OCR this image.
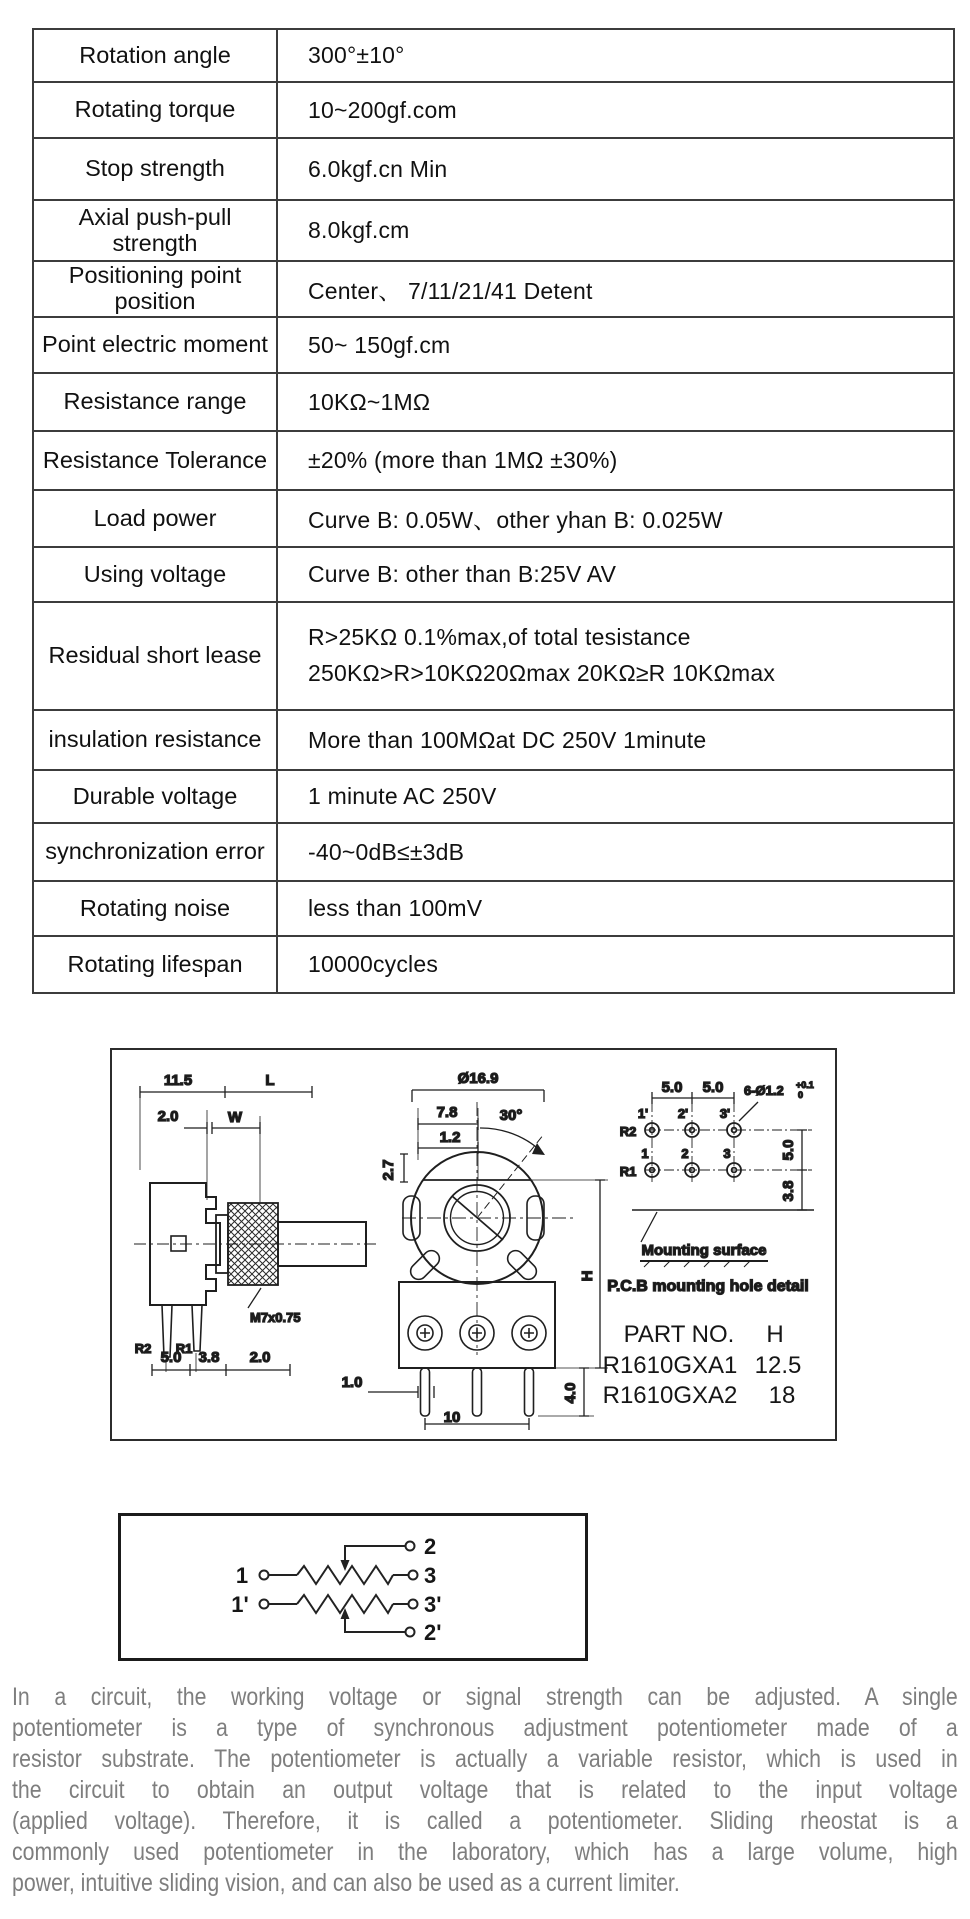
Rotation angle	300°±10°
Rotating torque	10~200gf.com
Stop strength	6.0kgf.cn Min
Axial push-pull strength	8.0kgf.cm
Positioning point position	Center、 7/11/21/41 Detent
Point electric moment	50~ 150gf.cm
Resistance range	10KΩ~1MΩ
Resistance Tolerance	±20% (more than 1MΩ ±30%)
Load power	Curve B: 0.05W、other yhan B: 0.025W
Using voltage	Curve B: other than B:25V AV
Residual short lease	R>25KΩ 0.1%max,of total tesistance
250KΩ>R>10KΩ20Ωmax 20KΩ≥R 10KΩmax

insulation resistance	More than 100MΩat DC 250V 1minute
Durable voltage	1 minute AC 250V
synchronization error	-40~0dB≤±3dB
Rotating noise	less than 100mV
Rotating lifespan	10000cycles
11.5	L
2.0	W
M7x0.75
R2 R1
5.0 3.8 2.0
Ø16.9
7.8	30°
1.2
2.7
H
4.0
1.0
10
5.0 5.0 6-Ø1.2 +0.1
0
R2
R1
1' 2' 3'
1	2	3	5.0
3.8
Mounting surface
P.C.B mounting hole detail
PART NO. H
R1610GXA1 12.5
R1610GXA2 18
1
1'
2
3
3'
2'
In a circuit, the working voltage or signal strength can be adjusted. A single
potentiometer is a type of synchronous adjustment potentiometer made of a
resistor substrate. The potentiometer is actually a variable resistor, which is used in
the circuit to obtain an output voltage that is related to the input voltage
(applied voltage). Therefore, it is called a potentiometer. Sliding rheostat is a
commonly used potentiometer in the laboratory, which has a large volume, high
power, intuitive sliding vision, and can also be used as a current limiter.
